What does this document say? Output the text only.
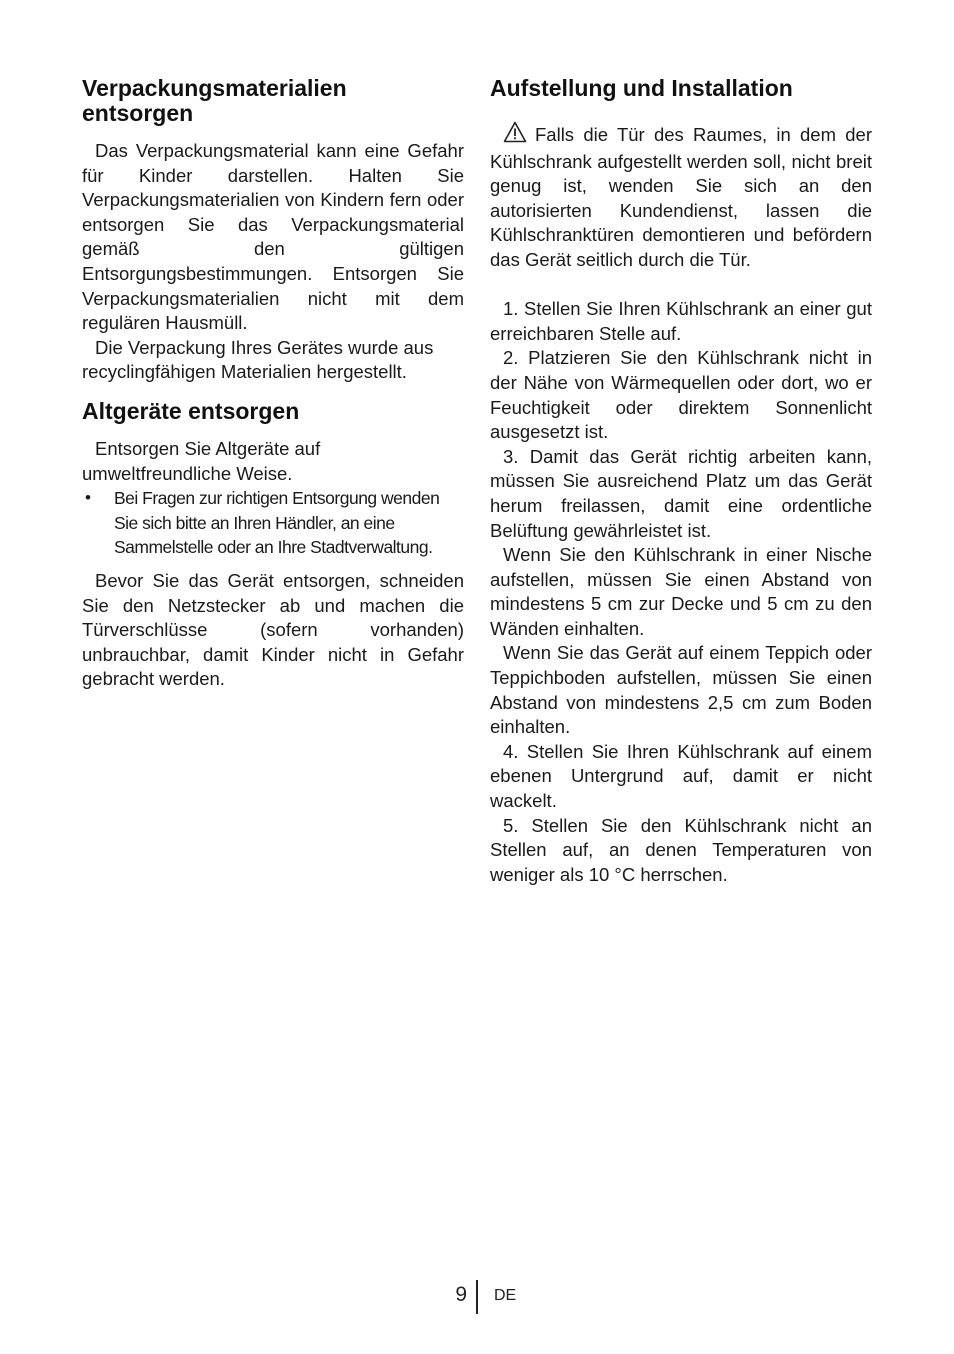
Verpackungsmaterialien entsorgen

Das Verpackungsmaterial kann eine Gefahr für Kinder darstellen. Halten Sie Verpackungsmaterialien von Kindern fern oder entsorgen Sie das Verpackungsmaterial gemäß den gültigen Entsorgungsbestimmungen. Entsorgen Sie Verpackungsmaterialien nicht mit dem regulären Hausmüll.

Die Verpackung Ihres Gerätes wurde aus recyclingfähigen Materialien hergestellt.

Altgeräte entsorgen

Entsorgen Sie Altgeräte auf umweltfreundliche Weise.

• Bei Fragen zur richtigen Entsorgung wenden Sie sich bitte an Ihren Händler, an eine Sammelstelle oder an Ihre Stadtverwaltung.

Bevor Sie das Gerät entsorgen, schneiden Sie den Netzstecker ab und machen die Türverschlüsse (sofern vorhanden) unbrauchbar, damit Kinder nicht in Gefahr gebracht werden.

Aufstellung und Installation

Falls die Tür des Raumes, in dem der Kühlschrank aufgestellt werden soll, nicht breit genug ist, wenden Sie sich an den autorisierten Kundendienst, lassen die Kühlschranktüren demontieren und befördern das Gerät seitlich durch die Tür.

1. Stellen Sie Ihren Kühlschrank an einer gut erreichbaren Stelle auf.

2. Platzieren Sie den Kühlschrank nicht in der Nähe von Wärmequellen oder dort, wo er Feuchtigkeit oder direktem Sonnenlicht ausgesetzt ist.

3. Damit das Gerät richtig arbeiten kann, müssen Sie ausreichend Platz um das Gerät herum freilassen, damit eine ordentliche Belüftung gewährleistet ist.

Wenn Sie den Kühlschrank in einer Nische aufstellen, müssen Sie einen Abstand von mindestens 5 cm zur Decke und 5 cm zu den Wänden einhalten.

Wenn Sie das Gerät auf einem Teppich oder Teppichboden aufstellen, müssen Sie einen Abstand von mindestens 2,5 cm zum Boden einhalten.

4. Stellen Sie Ihren Kühlschrank auf einem ebenen Untergrund auf, damit er nicht wackelt.

5. Stellen Sie den Kühlschrank nicht an Stellen auf, an denen Temperaturen von weniger als 10 °C herrschen.

9 DE
